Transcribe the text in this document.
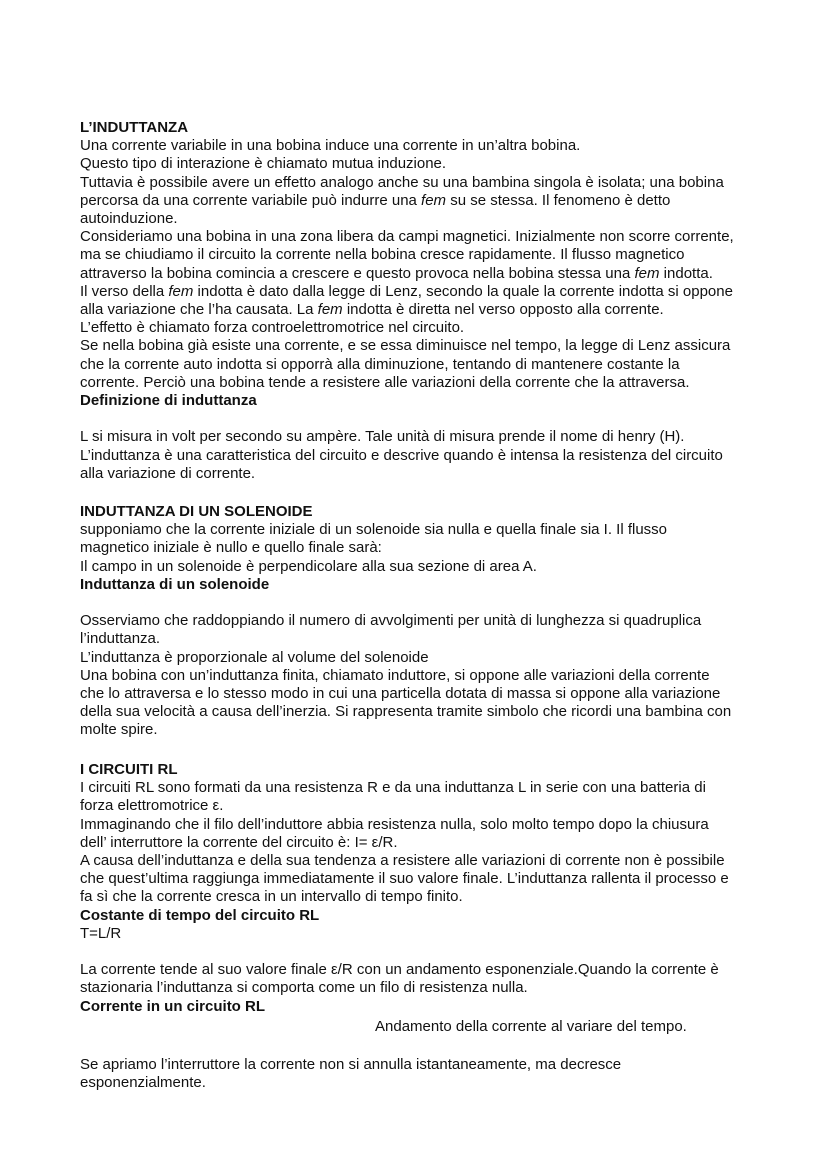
L’INDUTTANZA
Una corrente variabile in una bobina induce una corrente in un’altra bobina.
Questo tipo di interazione è chiamato mutua induzione.
Tuttavia è possibile avere un effetto analogo anche su una bambina singola è isolata; una bobina
percorsa da una corrente variabile può indurre una fem su se stessa. Il fenomeno è detto
autoinduzione.
Consideriamo una bobina in una zona libera da campi magnetici. Inizialmente non scorre corrente,
ma se chiudiamo il circuito la corrente nella bobina cresce rapidamente. Il flusso magnetico
attraverso la bobina comincia a crescere e questo provoca nella bobina stessa una fem indotta.
Il verso della fem indotta è dato dalla legge di Lenz, secondo la quale la corrente indotta si oppone
alla variazione che l’ha causata. La fem indotta è diretta nel verso opposto alla corrente.
L’effetto è chiamato forza controelettromotrice nel circuito.
Se nella bobina già esiste una corrente, e se essa diminuisce nel tempo, la legge di Lenz assicura
che la corrente auto indotta si opporrà alla diminuzione, tentando di mantenere costante la
corrente. Perciò una bobina tende a resistere alle variazioni della corrente che la attraversa.
Definizione di induttanza
L si misura in volt per secondo su ampère. Tale unità di misura prende il nome di henry (H).
L’induttanza è una caratteristica del circuito e descrive quando è intensa la resistenza del circuito
alla variazione di corrente.
INDUTTANZA DI UN SOLENOIDE
supponiamo che la corrente iniziale di un solenoide sia nulla e quella finale sia I. Il flusso
magnetico iniziale è nullo e quello finale sarà:
Il campo in un solenoide è perpendicolare alla sua sezione di area A.
Induttanza di un solenoide
Osserviamo che raddoppiando il numero di avvolgimenti per unità di lunghezza si quadruplica
l’induttanza.
L’induttanza è proporzionale al volume del solenoide
Una bobina con un’induttanza finita, chiamato induttore, si oppone alle variazioni della corrente
che lo attraversa e lo stesso modo in cui una particella dotata di massa si oppone alla variazione
della sua velocità a causa dell’inerzia. Si rappresenta tramite simbolo che ricordi una bambina con
molte spire.
I CIRCUITI RL
I circuiti RL sono formati da una resistenza R e da una induttanza L in serie con una batteria di
forza elettromotrice ε.
Immaginando che il filo dell’induttore abbia resistenza nulla, solo molto tempo dopo la chiusura
dell’ interruttore la corrente del circuito è: I= ε/R.
A causa dell’induttanza e della sua tendenza a resistere alle variazioni di corrente non è possibile
che quest’ultima raggiunga immediatamente il suo valore finale. L’induttanza rallenta il processo e
fa sì che la corrente cresca in un intervallo di tempo finito.
Costante di tempo del circuito RL
T=L/R
La corrente tende al suo valore finale ε/R con un andamento esponenziale.Quando la corrente è
stazionaria l’induttanza si comporta come un filo di resistenza nulla.
Corrente in un circuito RL
Andamento della corrente al variare del tempo.
Se apriamo l’interruttore la corrente non si annulla istantaneamente, ma decresce
esponenzialmente.
